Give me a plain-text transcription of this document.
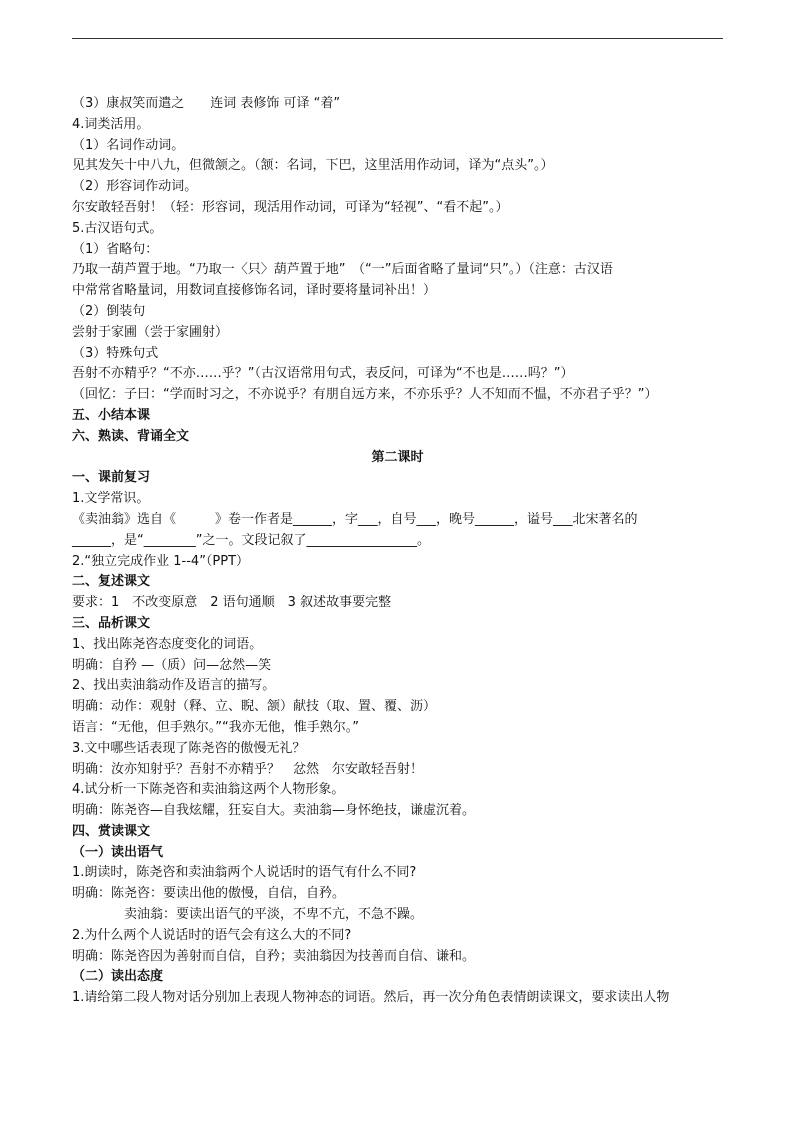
（3）康叔笑而遣之　　连词 表修饰 可译 “着”
4.词类活用。
（1）名词作动词。
见其发矢十中八九，但微颔之。（颔：名词，下巴，这里活用作动词，译为“点头”。）
（2）形容词作动词。
尔安敢轻吾射！（轻：形容词，现活用作动词，可译为“轻视”、“看不起”。）
5.古汉语句式。
（1）省略句：
乃取一葫芦置于地。“乃取一〈只〉葫芦置于地”　（“一”后面省略了量词“只”。）（注意：古汉语
中常常省略量词，用数词直接修饰名词，译时要将量词补出！）
（2）倒装句
尝射于家圃（尝于家圃射）
（3）特殊句式
吾射不亦精乎？“不亦……乎？”（古汉语常用句式，表反问，可译为“不也是……吗？”）
（回忆：子曰：“学而时习之，不亦说乎？有朋自远方来，不亦乐乎？人不知而不愠，不亦君子乎？”）
五、小结本课
六、熟读、背诵全文
第二课时
一、课前复习
1.文学常识。
《卖油翁》选自《　　　》卷一作者是______，字___，自号___，晚号______，谥号___北宋著名的
______，是“________”之一。文段记叙了_________________。
2.“独立完成作业 1--4”（PPT）
二、复述课文
要求：1　不改变原意　2 语句通顺　3 叙述故事要完整
三、品析课文
1、找出陈尧咨态度变化的词语。
明确：自矜 —（质）问—忿然—笑
2、找出卖油翁动作及语言的描写。
明确：动作：观射（释、立、睨、颔）献技（取、置、覆、沥）
语言：“无他，但手熟尔。”“我亦无他，惟手熟尔。”
3.文中哪些话表现了陈尧咨的傲慢无礼？
明确：汝亦知射乎？吾射不亦精乎？　忿然　尔安敢轻吾射！
4.试分析一下陈尧咨和卖油翁这两个人物形象。
明确：陈尧咨—自我炫耀，狂妄自大。卖油翁—身怀绝技，谦虚沉着。
四、赏读课文
（一）读出语气
1.朗读时，陈尧咨和卖油翁两个人说话时的语气有什么不同?
明确：陈尧咨：要读出他的傲慢，自信，自矜。
卖油翁：要读出语气的平淡，不卑不亢，不急不躁。
2.为什么两个人说话时的语气会有这么大的不同?
明确：陈尧咨因为善射而自信，自矜；卖油翁因为技善而自信、谦和。
（二）读出态度
1.请给第二段人物对话分别加上表现人物神态的词语。然后，再一次分角色表情朗读课文，要求读出人物
